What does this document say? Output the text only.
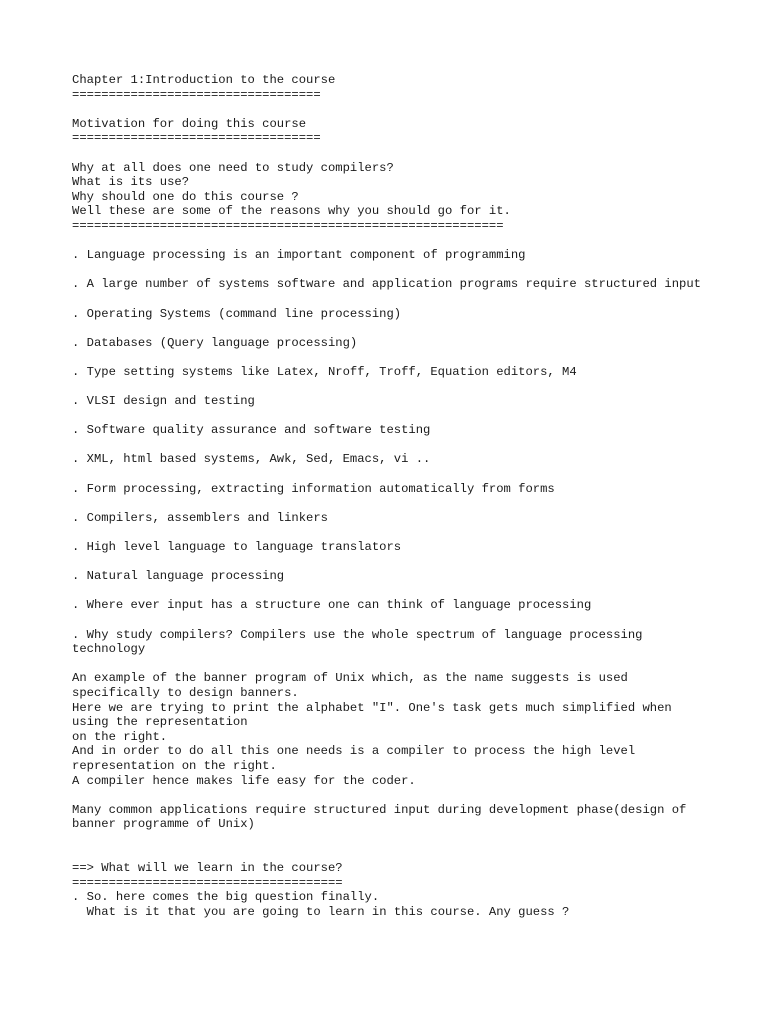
Chapter 1:Introduction to the course
==================================
Motivation for doing this course
==================================
Why at all does one need to study compilers?
What is its use?
Why should one do this course ?
Well these are some of the reasons why you should go for it.
===========================================================
. Language processing is an important component of programming
. A large number of systems software and application programs require structured input
. Operating Systems (command line processing)
. Databases (Query language processing)
. Type setting systems like Latex, Nroff, Troff, Equation editors, M4
. VLSI design and testing
. Software quality assurance and software testing
. XML, html based systems, Awk, Sed, Emacs, vi ..
. Form processing, extracting information automatically from forms
. Compilers, assemblers and linkers
. High level language to language translators
. Natural language processing
. Where ever input has a structure one can think of language processing
. Why study compilers? Compilers use the whole spectrum of language processing technology
An example of the banner program of Unix which, as the name suggests is used specifically to design banners.
Here we are trying to print the alphabet "I". One's task gets much simplified when using the representation
on the right.
And in order to do all this one needs is a compiler to process the high level representation on the right.
A compiler hence makes life easy for the coder.
Many common applications require structured input during development phase(design of banner programme of Unix)
==> What will we learn in the course?
=====================================
. So. here comes the big question finally.
What is it that you are going to learn in this course. Any guess ?
